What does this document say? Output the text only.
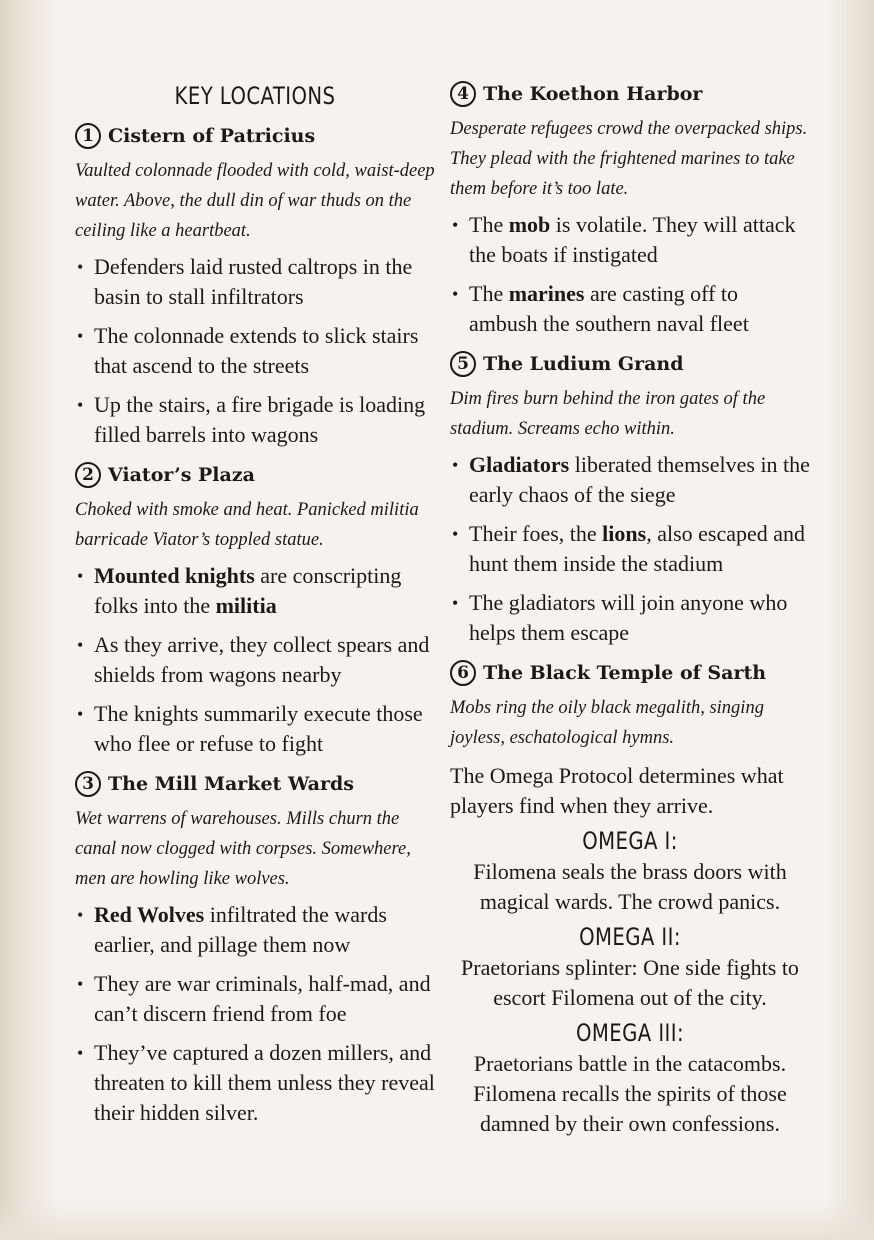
KEY LOCATIONS
1 Cistern of Patricius
Vaulted colonnade flooded with cold, waist-deep water. Above, the dull din of war thuds on the ceiling like a heartbeat.
• Defenders laid rusted caltrops in the basin to stall infiltrators
• The colonnade extends to slick stairs that ascend to the streets
• Up the stairs, a fire brigade is loading filled barrels into wagons
2 Viator’s Plaza
Choked with smoke and heat. Panicked militia barricade Viator’s toppled statue.
• Mounted knights are conscripting folks into the militia
• As they arrive, they collect spears and shields from wagons nearby
• The knights summarily execute those who flee or refuse to fight
3 The Mill Market Wards
Wet warrens of warehouses. Mills churn the canal now clogged with corpses. Somewhere, men are howling like wolves.
• Red Wolves infiltrated the wards earlier, and pillage them now
• They are war criminals, half-mad, and can’t discern friend from foe
• They’ve captured a dozen millers, and threaten to kill them unless they reveal their hidden silver.
4 The Koethon Harbor
Desperate refugees crowd the overpacked ships. They plead with the frightened marines to take them before it’s too late.
• The mob is volatile. They will attack the boats if instigated
• The marines are casting off to ambush the southern naval fleet
5 The Ludium Grand
Dim fires burn behind the iron gates of the stadium. Screams echo within.
• Gladiators liberated themselves in the early chaos of the siege
• Their foes, the lions, also escaped and hunt them inside the stadium
• The gladiators will join anyone who helps them escape
6 The Black Temple of Sarth
Mobs ring the oily black megalith, singing joyless, eschatological hymns.
The Omega Protocol determines what players find when they arrive.
OMEGA I:
Filomena seals the brass doors with magical wards. The crowd panics.
OMEGA II:
Praetorians splinter: One side fights to escort Filomena out of the city.
OMEGA III:
Praetorians battle in the catacombs. Filomena recalls the spirits of those damned by their own confessions.
